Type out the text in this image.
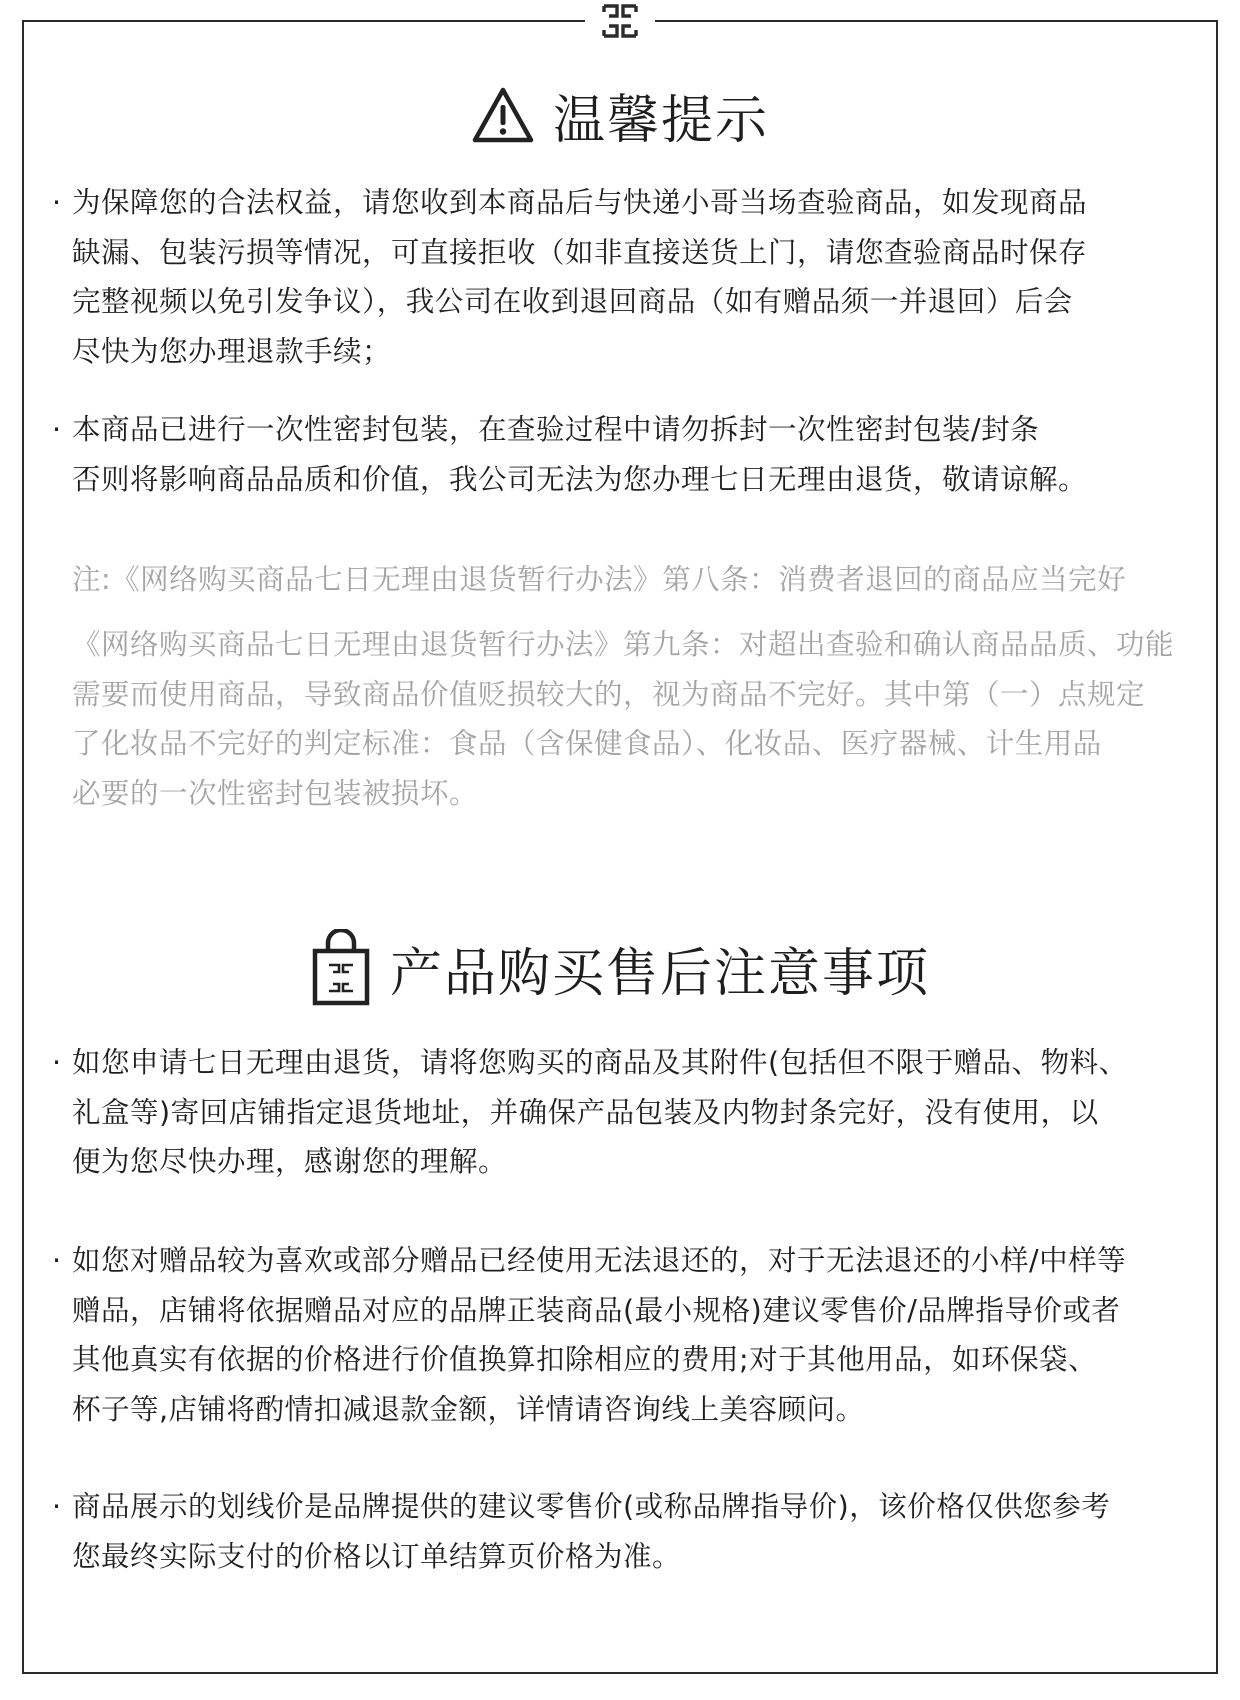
温馨提示
· 为保障您的合法权益，请您收到本商品后与快递小哥当场查验商品，如发现商品
缺漏、包装污损等情况，可直接拒收（如非直接送货上门，请您查验商品时保存
完整视频以免引发争议），我公司在收到退回商品（如有赠品须一并退回）后会
尽快为您办理退款手续；
· 本商品已进行一次性密封包装，在查验过程中请勿拆封一次性密封包装/封条
否则将影响商品品质和价值，我公司无法为您办理七日无理由退货，敬请谅解。
注:《网络购买商品七日无理由退货暂行办法》第八条：消费者退回的商品应当完好
《网络购买商品七日无理由退货暂行办法》第九条：对超出查验和确认商品品质、功能
需要而使用商品，导致商品价值贬损较大的，视为商品不完好。其中第（一）点规定
了化妆品不完好的判定标准：食品（含保健食品）、化妆品、医疗器械、计生用品
必要的一次性密封包装被损坏。
产品购买售后注意事项
· 如您申请七日无理由退货，请将您购买的商品及其附件(包括但不限于赠品、物料、
礼盒等)寄回店铺指定退货地址，并确保产品包装及内物封条完好，没有使用，以
便为您尽快办理，感谢您的理解。
· 如您对赠品较为喜欢或部分赠品已经使用无法退还的，对于无法退还的小样/中样等
赠品，店铺将依据赠品对应的品牌正装商品(最小规格)建议零售价/品牌指导价或者
其他真实有依据的价格进行价值换算扣除相应的费用;对于其他用品，如环保袋、
杯子等,店铺将酌情扣减退款金额，详情请咨询线上美容顾问。
· 商品展示的划线价是品牌提供的建议零售价(或称品牌指导价)，该价格仅供您参考
您最终实际支付的价格以订单结算页价格为准。
